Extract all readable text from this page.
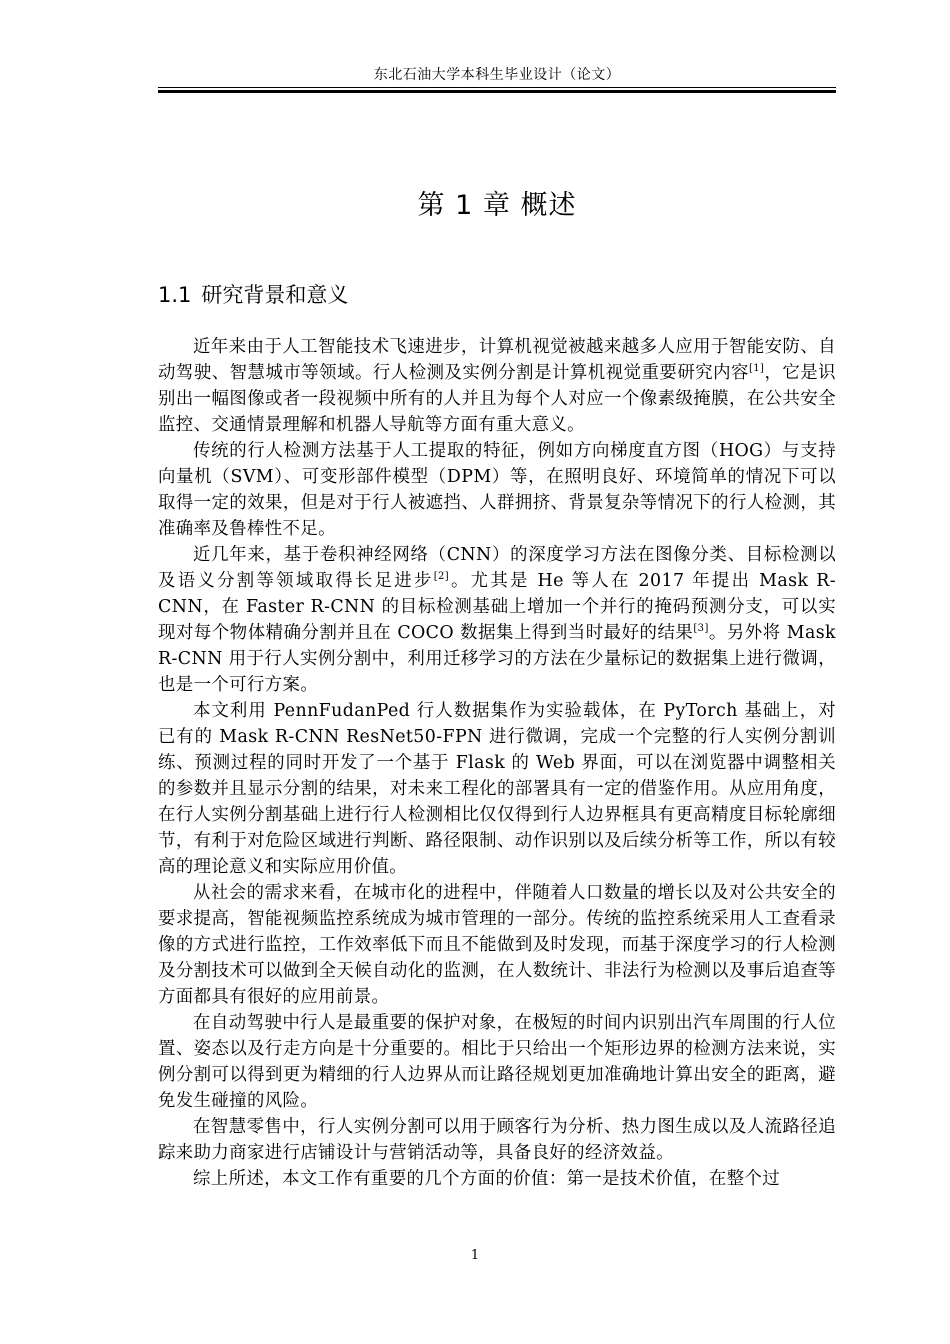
东北石油大学本科生毕业设计（论文）
第 1 章 概述
1.1 研究背景和意义

近年来由于人工智能技术飞速进步，计算机视觉被越来越多人应用于智能安防、自动驾驶、智慧城市等领域。行人检测及实例分割是计算机视觉重要研究内容[1]，它是识别出一幅图像或者一段视频中所有的人并且为每个人对应一个像素级掩膜，在公共安全监控、交通情景理解和机器人导航等方面有重大意义。

传统的行人检测方法基于人工提取的特征，例如方向梯度直方图（HOG）与支持向量机（SVM）、可变形部件模型（DPM）等，在照明良好、环境简单的情况下可以取得一定的效果，但是对于行人被遮挡、人群拥挤、背景复杂等情况下的行人检测，其准确率及鲁棒性不足。

近几年来，基于卷积神经网络（CNN）的深度学习方法在图像分类、目标检测以及语义分割等领域取得长足进步[2]。尤其是 He 等人在 2017 年提出 Mask R-CNN，在 Faster R-CNN 的目标检测基础上增加一个并行的掩码预测分支，可以实现对每个物体精确分割并且在 COCO 数据集上得到当时最好的结果[3]。另外将 Mask R-CNN 用于行人实例分割中，利用迁移学习的方法在少量标记的数据集上进行微调，也是一个可行方案。

本文利用 PennFudanPed 行人数据集作为实验载体，在 PyTorch 基础上，对已有的 Mask R-CNN ResNet50-FPN 进行微调，完成一个完整的行人实例分割训练、预测过程的同时开发了一个基于 Flask 的 Web 界面，可以在浏览器中调整相关的参数并且显示分割的结果，对未来工程化的部署具有一定的借鉴作用。从应用角度，在行人实例分割基础上进行行人检测相比仅仅得到行人边界框具有更高精度目标轮廓细节，有利于对危险区域进行判断、路径限制、动作识别以及后续分析等工作，所以有较高的理论意义和实际应用价值。

从社会的需求来看，在城市化的进程中，伴随着人口数量的增长以及对公共安全的要求提高，智能视频监控系统成为城市管理的一部分。传统的监控系统采用人工查看录像的方式进行监控，工作效率低下而且不能做到及时发现，而基于深度学习的行人检测及分割技术可以做到全天候自动化的监测，在人数统计、非法行为检测以及事后追查等方面都具有很好的应用前景。

在自动驾驶中行人是最重要的保护对象，在极短的时间内识别出汽车周围的行人位置、姿态以及行走方向是十分重要的。相比于只给出一个矩形边界的检测方法来说，实例分割可以得到更为精细的行人边界从而让路径规划更加准确地计算出安全的距离，避免发生碰撞的风险。

在智慧零售中，行人实例分割可以用于顾客行为分析、热力图生成以及人流路径追踪来助力商家进行店铺设计与营销活动等，具备良好的经济效益。

综上所述，本文工作有重要的几个方面的价值：第一是技术价值，在整个过

1
